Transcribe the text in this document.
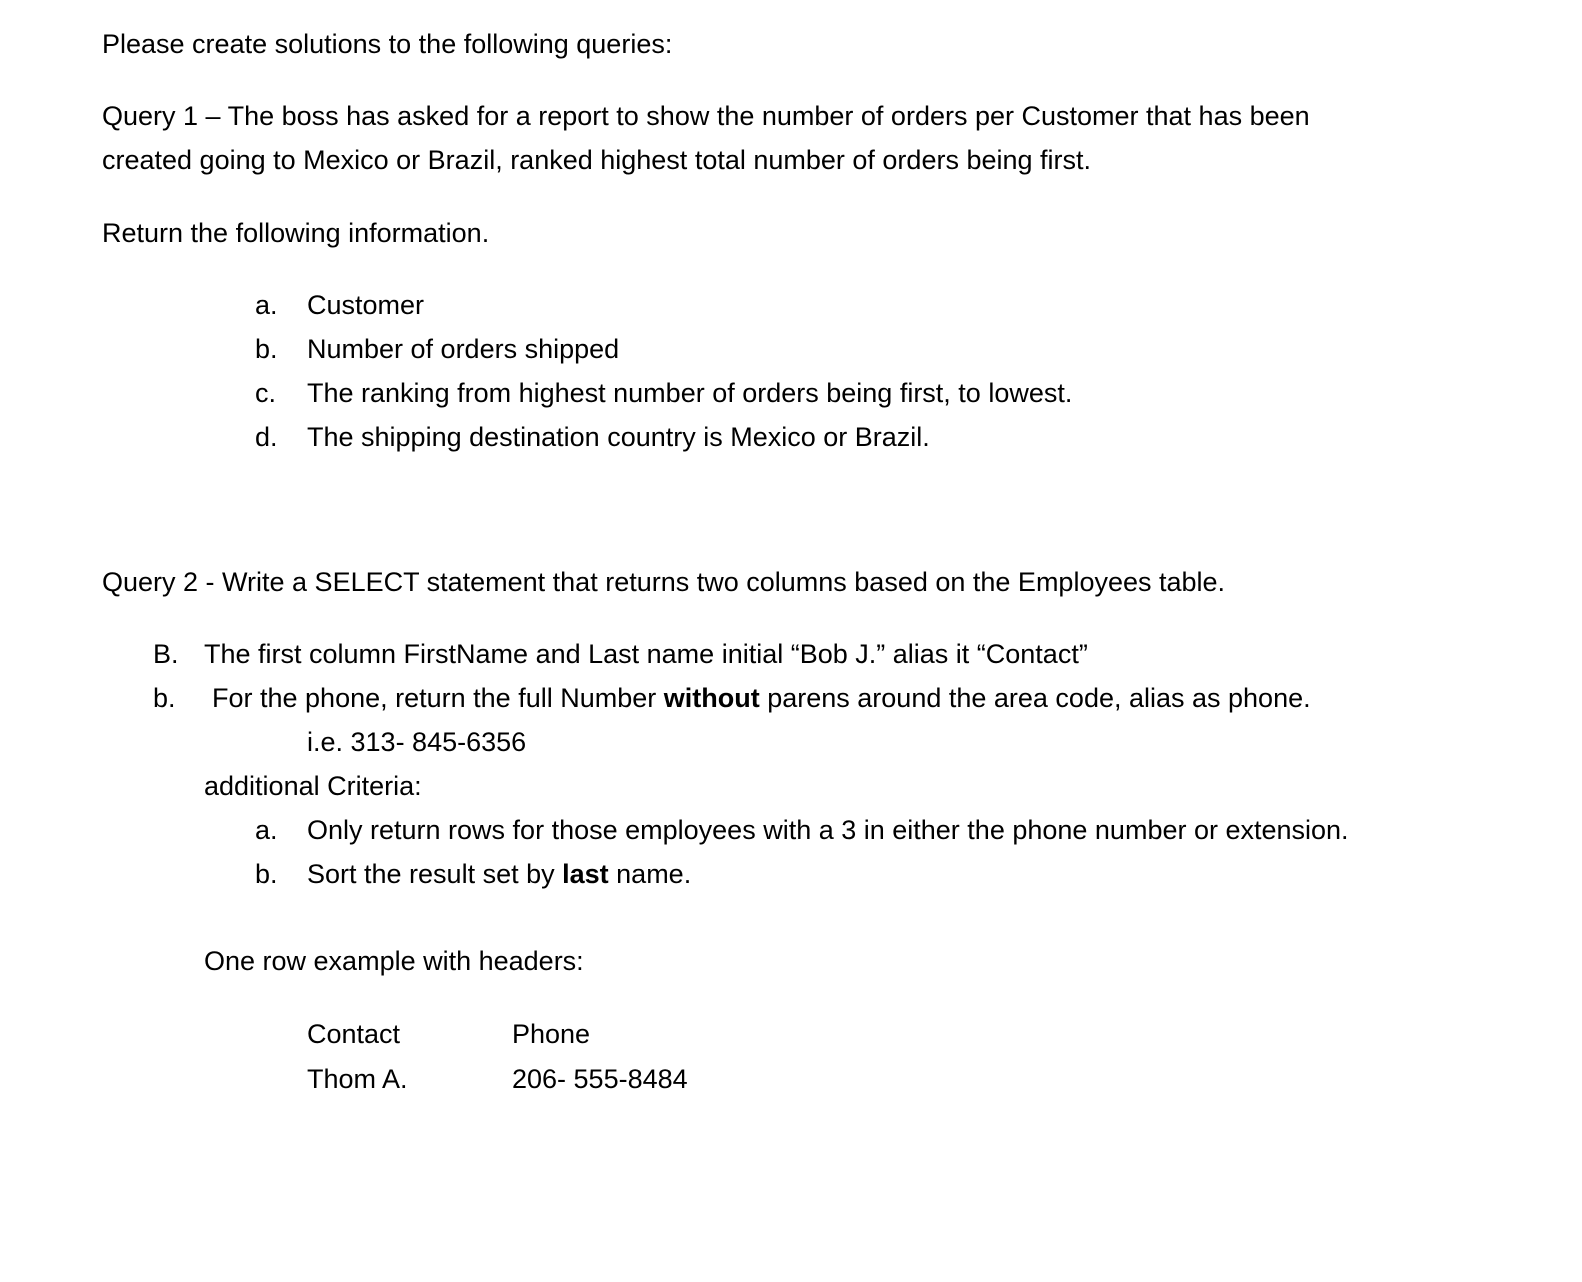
Please create solutions to the following queries:
Query 1 – The boss has asked for a report to show the number of orders per Customer that has been
created going to Mexico or Brazil, ranked highest total number of orders being first.
Return the following information.
a. Customer
b. Number of orders shipped
c. The ranking from highest number of orders being first, to lowest.
d. The shipping destination country is Mexico or Brazil.
Query 2 - Write a SELECT statement that returns two columns based on the Employees table.
B. The first column FirstName and Last name initial “Bob J.” alias it “Contact”
b. For the phone, return the full Number without parens around the area code, alias as phone.
i.e. 313- 845-6356
additional Criteria:
a. Only return rows for those employees with a 3 in either the phone number or extension.
b. Sort the result set by last name.
One row example with headers:
Contact	Phone
Thom A.	206- 555-8484
